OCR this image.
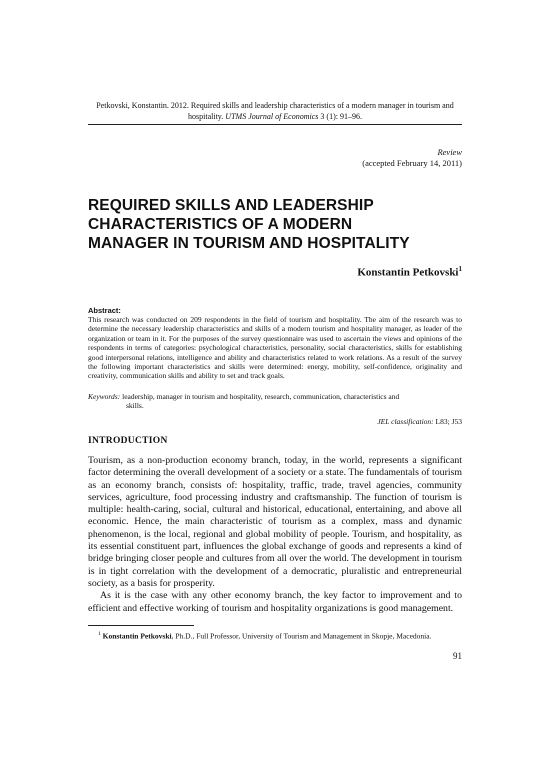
Petkovski, Konstantin. 2012. Required skills and leadership characteristics of a modern manager in tourism and hospitality. UTMS Journal of Economics 3 (1): 91–96.
Review
(accepted February 14, 2011)
REQUIRED SKILLS AND LEADERSHIP
CHARACTERISTICS OF A MODERN
MANAGER IN TOURISM AND HOSPITALITY
Konstantin Petkovski$^1$
Abstract:
This research was conducted on 209 respondents in the field of tourism and hospitality. The aim of the research was to determine the necessary leadership characteristics and skills of a modern tourism and hospitality manager, as leader of the organization or team in it. For the purposes of the survey questionnaire was used to ascertain the views and opinions of the respondents in terms of categories: psychological characteristics, personality, social characteristics, skills for establishing good interpersonal relations, intelligence and ability and characteristics related to work relations. As a result of the survey the following important characteristics and skills were determined: energy, mobility, self-confidence, originality and creativity, communication skills and ability to set and track goals.
Keywords: leadership, manager in tourism and hospitality, research, communication, characteristics and
skills.
JEL classification: L83; J53
INTRODUCTION

Tourism, as a non-production economy branch, today, in the world, represents a significant factor determining the overall development of a society or a state. The fundamentals of tourism as an economy branch, consists of: hospitality, traffic, trade, travel agencies, community services, agriculture, food processing industry and craftsmanship. The function of tourism is multiple: health-caring, social, cultural and historical, educational, entertaining, and above all economic. Hence, the main characteristic of tourism as a complex, mass and dynamic phenomenon, is the local, regional and global mobility of people. Tourism, and hospitality, as its essential constituent part, influences the global exchange of goods and represents a kind of bridge bringing closer people and cultures from all over the world. The development in tourism is in tight correlation with the development of a democratic, pluralistic and entrepreneurial society, as a basis for prosperity.

As it is the case with any other economy branch, the key factor to improvement and to efficient and effective working of tourism and hospitality organizations is good management.

$^1$ Konstantin Petkovski, Ph.D., Full Professor, University of Tourism and Management in Skopje, Macedonia.
91
